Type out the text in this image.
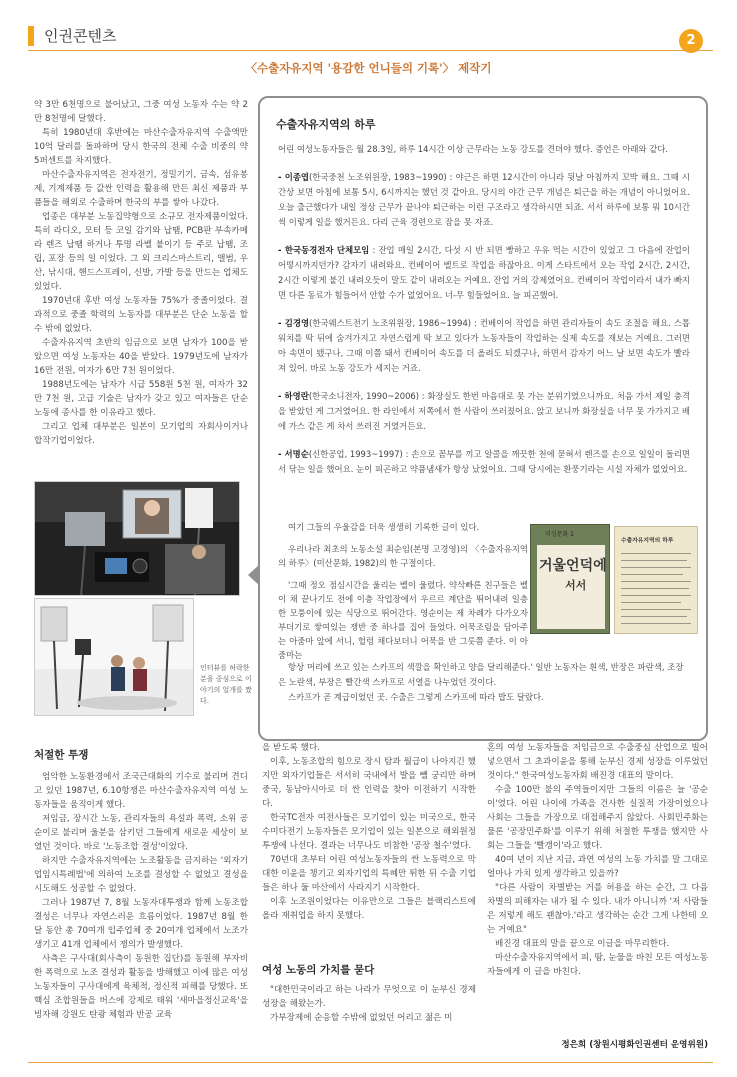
인권콘텐츠	2
〈수출자유지역 '용감한 언니들의 기록'〉 제작기

약 3만 6천명으로 불어났고, 그중 여성 노동자 수는 약 2만 8천명에 달했다.

특히 1980년대 후반에는 마산수출자유지역 수출액만 10억 달러를 돌파하며 당시 한국의 전체 수출 비중의 약 5퍼센트를 차지했다.

마산수출자유지역은 전자전기, 정밀기기, 금속, 섬유봉제, 기계제품 등 값싼 인력을 활용해 만든 최신 제품과 부품들을 해외로 수출하며 한국의 부를 쌓아 나갔다.

업종은 대부분 노동집약형으로 소규모 전자제품이었다. 특히 라디오, 모터 등 코일 감기와 납땜, PCB판 부속카메라 렌즈 납땜 하거나 투명 라벨 붙이기 등 주로 납땜, 조립, 포장 등의 일 이었다. 그 외 크리스마스트리, 앨범, 우산, 낚시대, 핸드스프레이, 신발, 가발 등을 만드는 업체도 있었다.

1970년대 후반 여성 노동자들 75%가 중졸이었다. 결과적으로 중졸 학력의 노동자를 대부분은 단순 노동을 할 수 밖에 없었다.

수출자유지역 초반의 임금으로 보면 남자가 100을 받았으면 여성 노동자는 40을 받았다. 1979년도에 남자가 16만 전원, 여자가 6만 7천 원이었다.

1988년도에는 남자가 시급 558원 5천 원, 여자가 32만 7천 원, 고급 기술은 남자가 갖고 있고 여자들은 단순 노동에 종사를 한 이유라고 했다.

그리고 업체 대부분은 일본이 모기업의 자회사이거나 합작기업이었다.

인터뷰를 허락한 분을 중심으로 이야기의 얼개를 짰다.
수출자유지역의 하루

어린 여성노동자들은 월 28.3일, 하루 14시간 이상 근무라는 노동 강도를 견뎌야 했다. 증언은 아래와 같다.

- 이종엽(한국중천 노조위원장, 1983~1990) : 야근은 하면 12시간이 아니라 뒷날 아침까지 꼬박 해요. 그때 시간상 보면 아침에 보통 5시, 6시까지는 했던 것 같아요. 당시의 야간 근무 개념은 퇴근을 하는 개념이 아니었어요. 오늘 출근했다가 내일 정상 근무가 끝나야 퇴근하는 이런 구조라고 생각하시면 되죠. 서서 하루에 보통 뭐 10시간씩 이렇게 일을 했거든요. 다리 근육 경련으로 잠을 못 자죠.

- 한국동경전자 단체모임 : 잔업 매일 2시간, 다섯 시 반 되면 빵하고 우유 먹는 시간이 있었고 그 다음에 잔업이 어떻시까지던가? 감자기 내려와요. 컨베이어 벨트로 작업을 하잖아요. 이게 스타트에서 오는 작업 2시간, 2시간, 2시간 이렇게 붙긴 내려오듯이 말도 같이 내려오는 거예요. 잔업 거의 강제였어요. 컨베이어 작업이라서 내가 빠지면 다른 동료가 힘들어서 안할 수가 없었어요. 너-무 힘들었어요. 늘 피곤했어.

- 김경영(한국웨스트전기 노조위원장, 1986~1994) : 컨베이어 작업을 하면 관리자들이 속도 조절을 해요. 스톱워치를 딱 뒤에 숨겨가지고 자연스럽게 딱 보고 있다가 노동자들이 작업하는 실제 속도를 재보는 거예요. 그러면 아 속면이 됐구나, 그때 이쯤 돼서 컨베이어 속도를 더 올려도 되겠구나, 하면서 감자기 어느 날 보면 속도가 빨라져 있어. 바로 노동 강도가 세지는 거죠.

- 하영란(한국소니전자, 1990~2006) : 화장실도 한번 마음대로 못 가는 분위기였으니까요. 처음 가서 제일 충격을 받았던 게 그거였어요. 한 라인에서 저쪽에서 한 사람이 쓰러졌어요. 앉고 보니까 화장실을 너무 못 가가지고 배에 가스 같은 게 차서 쓰러진 거였거든요.

- 서명순(신한공업, 1993~1997) : 손으로 꼼부를 끼고 알콜을 깨끗한 천에 묻혀서 렌즈를 손으로 일일이 돌리면서 닦는 일을 했어요. 눈이 피곤하고 약품냄새가 항상 났었어요. 그때 당시에는 환풍기라는 시설 자체가 없었어요.

여기 그들의 우울감을 더욱 생생히 기록한 글이 있다.

우리나라 최초의 노동소설 최순임(본명 고경영)의 〈수출자유지역의 하루〉(미산문화, 1982)의 한 구절이다.

'그때 정오 점심시간을 울리는 벨이 울렸다. 약삭빠른 친구들은 벨이 채 끝나기도 전에 이층 작업장에서 우르르 계단을 뛰어내려 일층 한 모퉁이에 있는 식당으로 뛰어간다. 영순이는 제 차례가 다가오자 부더기로 쌓여있는 쟁반 중 하나를 집어 들었다. 어묵조림을 담아주는 아줌마 앞에 서니, 헐렁 채다보더니 어묵을 반 그릇쯤 준다. 이 아줌마는

미싱문화 1
거울언덕에
서서
수출자유지역의 하루

항상 머리에 쓰고 있는 스카프의 색깔을 확인하고 양을 달리해준다.' 일반 노동자는 흰색, 반장은 파란색, 조장은 노란색, 부장은 빨간색 스카프로 서열을 나누었던 것이다.

스카프가 곧 계급이었던 곳. 수출은 그렇게 스카프에 따라 밥도 달랐다.

처절한 투쟁

엄악한 노동환경에서 조국근대화의 기수로 불리며 견디고 있던 1987년, 6.10항쟁은 마산수출자유지역 여성 노동자들을 움직이게 했다.

저임금, 장시간 노동, 관리자들의 욕설과 폭력, 소위 공순이로 불리며 울분을 삼키던 그들에게 새로운 세상이 보였던 것이다. 바로 '노동조합 결성'이었다.

하지만 수출자유지역에는 노조활동을 금지하는 '외자기업임시특례법'에 의하여 노조를 결성할 수 없었고 결성을 시도해도 성공할 수 없었다.

그러나 1987년 7, 8월 노동자대투쟁과 함께 노동조합 결성은 너무나 자연스러운 흐름이었다. 1987년 8월 한 달 동안 총 70여개 입주업체 중 20여개 업체에서 노조가 생기고 41개 업체에서 쟁의가 발생했다.

사측은 구사대(회사측이 동원한 집단)를 동원해 부자비한 폭력으로 노조 결성과 활동을 방해했고 이에 많은 여성노동자들이 구사대에게 육체적, 정신적 피해를 당했다. 또 핵심 조합원들을 버스에 강제로 태워 '새마을정신교육'을 빙자해 강원도 탄광 체험과 반공 교육

을 받도록 했다.

이후, 노동조합의 힘으로 장시 탐과 월급이 나아지긴 했지만 외자기업들은 서서히 국내에서 발을 뺄 궁리만 하며 중국, 동남아시아로 더 싼 인력을 찾아 이전하기 시작한다.

한국TC전자 여전사들은 모기업이 있는 미국으로, 한국수미다전기 노동자들은 모기업이 있는 일본으로 해외원정투쟁에 나선다. 결과는 너무나도 비참한 '공장 철수'였다.

70년대 초부터 어린 여성노동자들의 싼 노동력으로 막대한 이윤을 챙기고 외자기업의 특혜만 튀한 뒤 수출 기업들은 하나 둘 마산에서 사라지기 시작한다.

이후 노조원이었다는 이유만으로 그들은 블랙리스트에 올라 재취업을 하지 못했다.

여성 노동의 가치를 묻다

"대한민국이라고 하는 나라가 무엇으로 이 눈부신 경제 성장을 해왔는가.

가부장제에 순응할 수밖에 없었던 어리고 젊은 미

혼의 여성 노동자들을 저임금으로 수출중심 산업으로 빌어 넣으면서 그 초과이윤을 통해 눈부신 경제 성장을 이루었던 것이다." 한국여성노동자회 배진경 대표의 말이다.

수출 100만 불의 주역들이지만 그들의 이름은 늘 '공순이'였다. 어린 나이에 가족을 건사한 실질적 가장이었으나 사회는 그들을 가장으로 대접해주지 않았다. 사회민주화는 물론 '공장민주화'를 이루기 위해 처절한 투쟁을 했지만 사회는 그들을 '빨갱이'라고 했다.

40여 년이 지난 지금, 과연 여성의 노동 가치를 말 그대로 얼마나 가치 있게 생각하고 있을까?

"다른 사람이 차별받는 거를 허용을 하는 순간, 그 다음 차별의 피해자는 내가 될 수 있다. 내가 아니니까 '저 사람들은 저렇게 해도 괜찮아.'라고 생각하는 순간 그게 나한테 오는 거예요"

배진경 대표의 말을 끝으로 이글을 마무리한다.

마산수출자유지역에서 피, 땀, 눈물을 바친 모든 여성노동자들에게 이 글을 바친다.

정은희 (창원시평화인권센터 운영위원)
